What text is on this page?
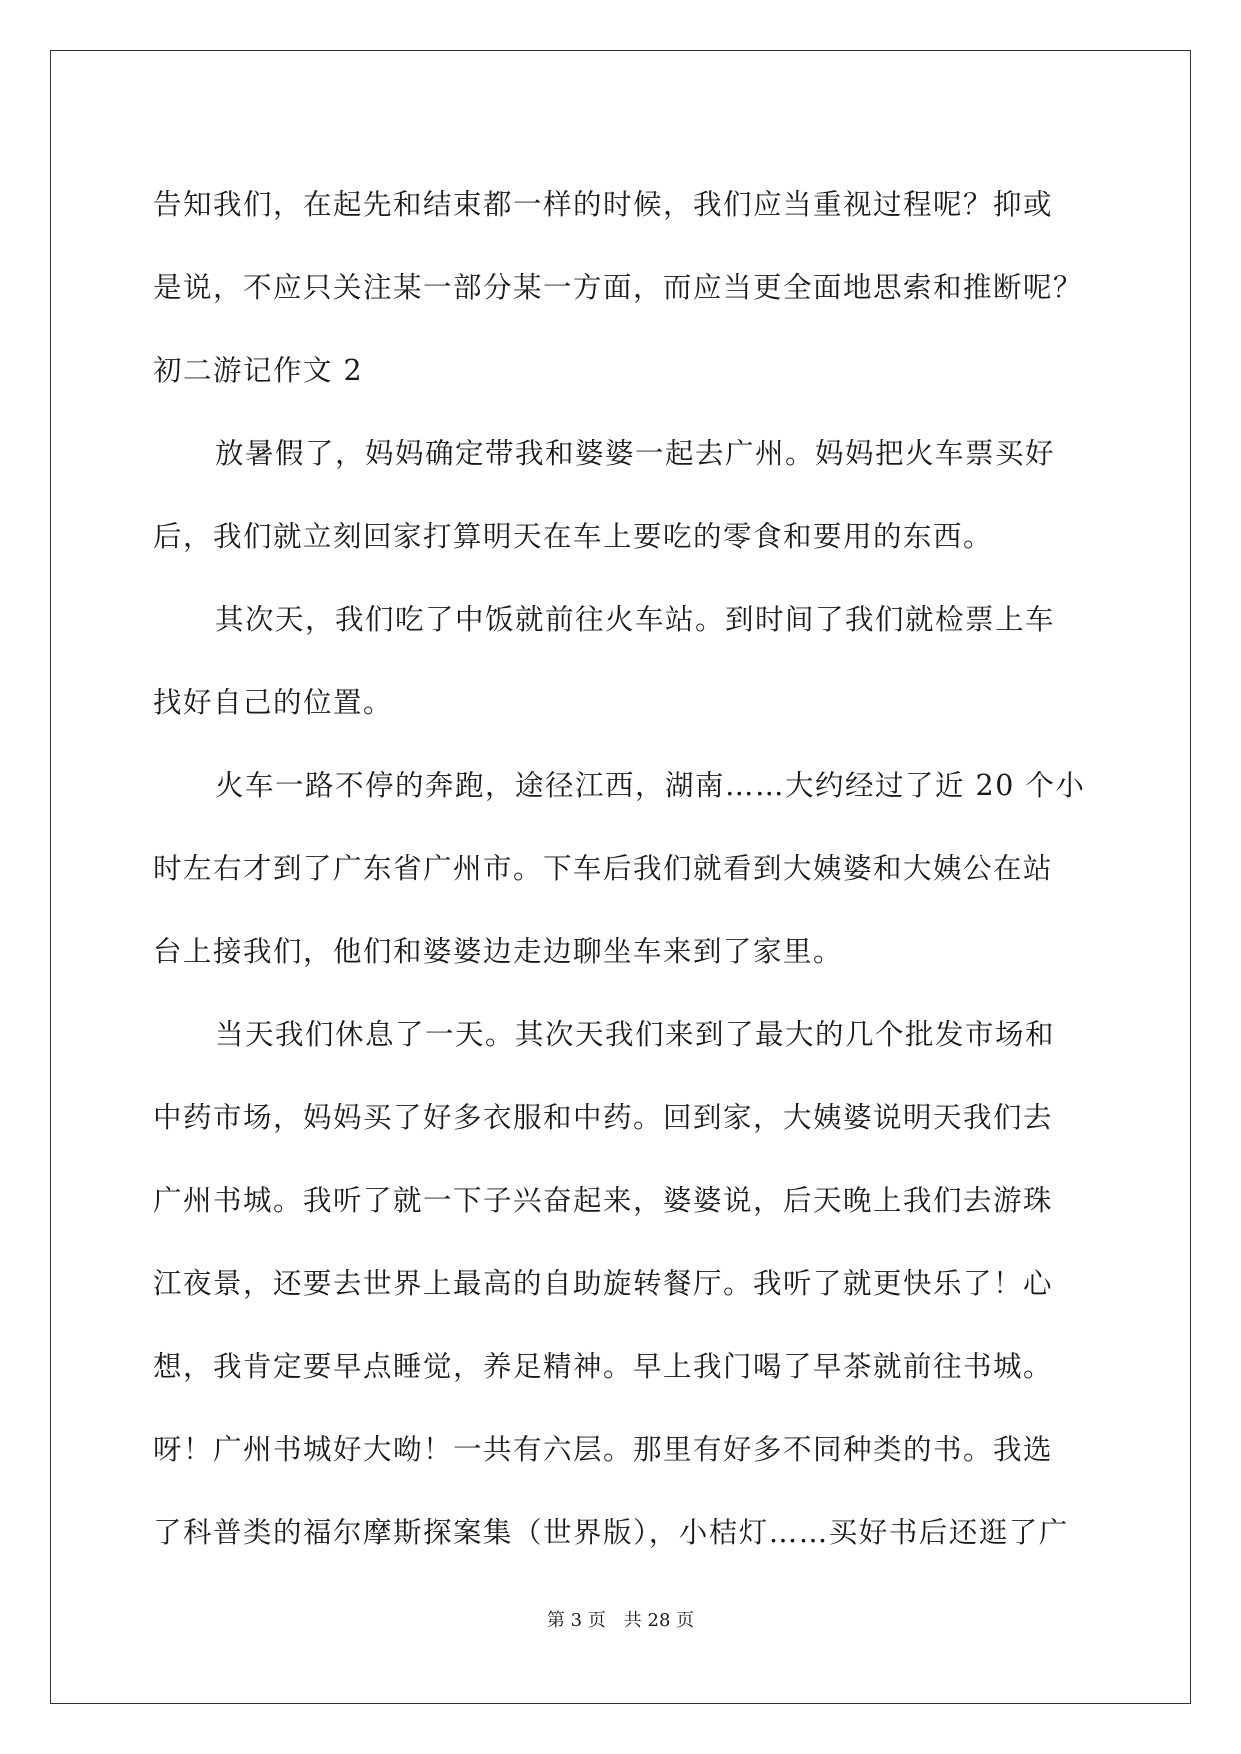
告知我们，在起先和结束都一样的时候，我们应当重视过程呢？抑或
是说，不应只关注某一部分某一方面，而应当更全面地思索和推断呢？
初二游记作文 2
放暑假了，妈妈确定带我和婆婆一起去广州。妈妈把火车票买好
后，我们就立刻回家打算明天在车上要吃的零食和要用的东西。
其次天，我们吃了中饭就前往火车站。到时间了我们就检票上车
找好自己的位置。
火车一路不停的奔跑，途径江西，湖南……大约经过了近 20 个小
时左右才到了广东省广州市。下车后我们就看到大姨婆和大姨公在站
台上接我们，他们和婆婆边走边聊坐车来到了家里。
当天我们休息了一天。其次天我们来到了最大的几个批发市场和
中药市场，妈妈买了好多衣服和中药。回到家，大姨婆说明天我们去
广州书城。我听了就一下子兴奋起来，婆婆说，后天晚上我们去游珠
江夜景，还要去世界上最高的自助旋转餐厅。我听了就更快乐了！心
想，我肯定要早点睡觉，养足精神。早上我门喝了早茶就前往书城。
呀！广州书城好大呦！一共有六层。那里有好多不同种类的书。我选
了科普类的福尔摩斯探案集（世界版），小桔灯……买好书后还逛了广
第 3 页　共 28 页
